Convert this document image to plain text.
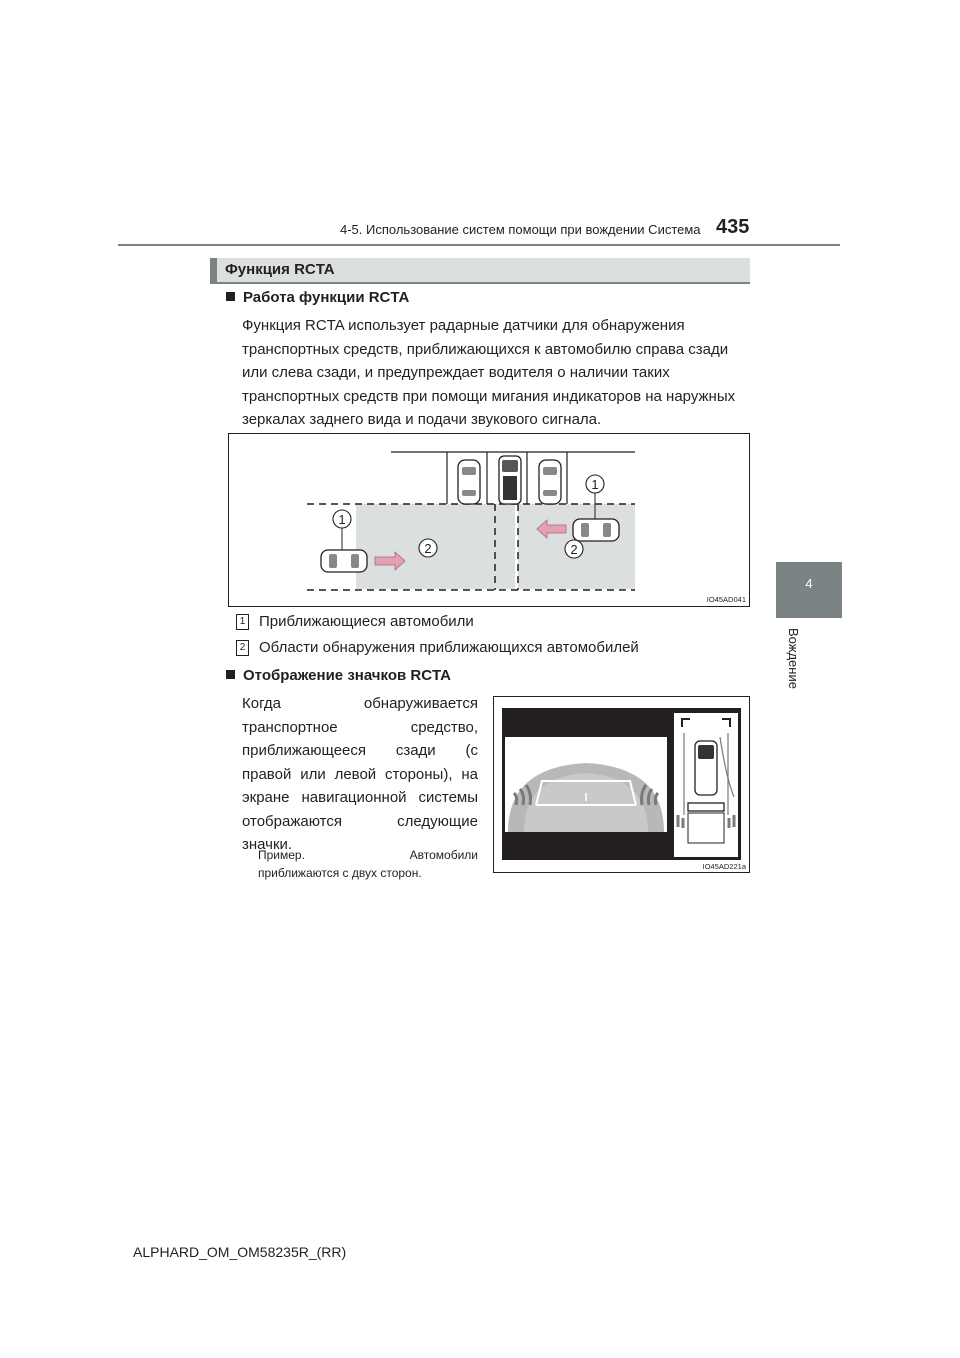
4-5. Использование систем помощи при вождении Система 435
4
Вождение
Функция RCTA
Работа функции RCTA
Функция RCTA использует радарные датчики для обнаружения
транспортных средств, приближающихся к автомобилю справа сзади
или слева сзади, и предупреждает водителя о наличии таких
транспортных средств при помощи мигания индикаторов на наружных
зеркалах заднего вида и подачи звукового сигнала.
1
1
2	2
IO45AD041
1 Приближающиеся автомобили
2 Области обнаружения приближающихся автомобилей
Отображение значков RCTA
Когда обнаруживается
транспортное средство,
приближающееся сзади (с
правой или левой стороны), на
экране навигационной системы
отображаются следующие
значки.
Пример. Автомобили
приближаются с двух сторон.	IO45AD221a
ALPHARD_OM_OM58235R_(RR)
